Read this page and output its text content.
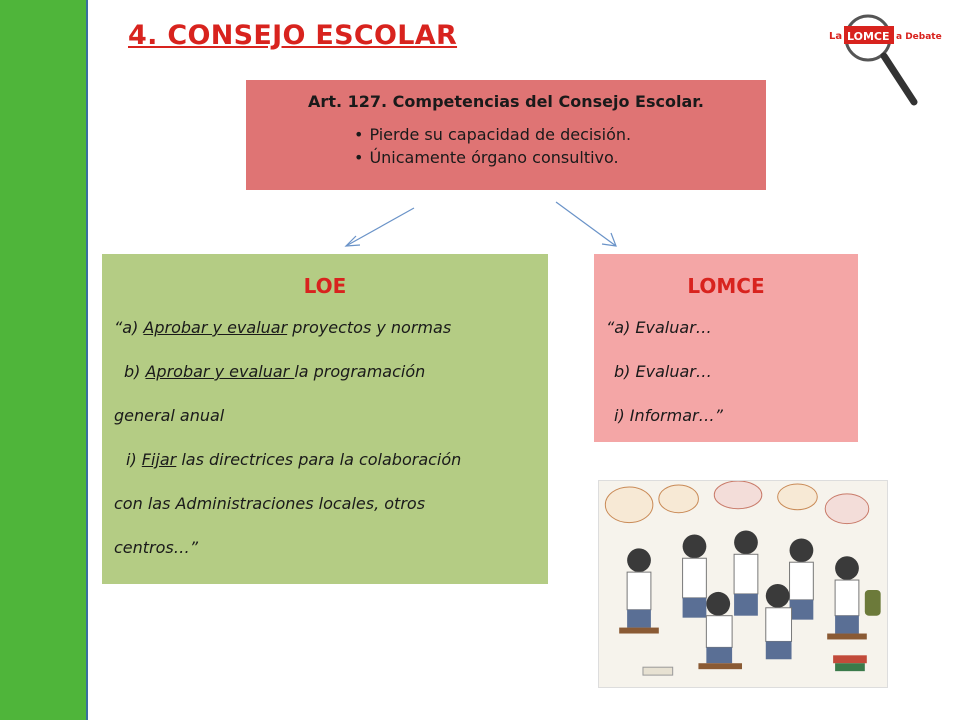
4. CONSEJO ESCOLAR	La LOMCE a Debate
Art. 127. Competencias del Consejo Escolar.
• Pierde su capacidad de decisión.
• Únicamente órgano consultivo.
LOE

“a) Aprobar y evaluar proyectos y normas

b) Aprobar y evaluar la programación

general anual

i) Fijar las directrices para la colaboración

con las Administraciones locales, otros

centros…”

LOMCE

“a) Evaluar…

b) Evaluar…

i) Informar…”
